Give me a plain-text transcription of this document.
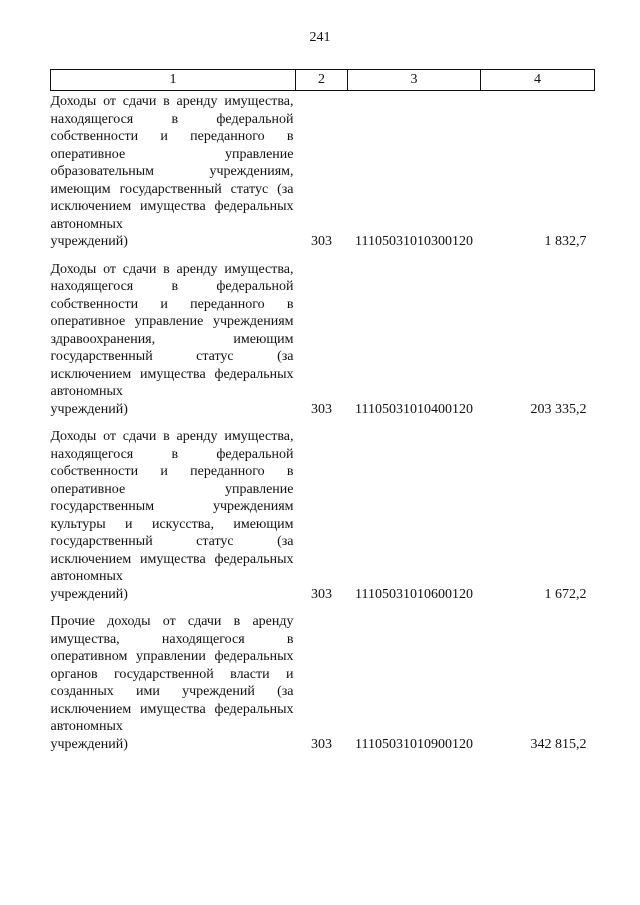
241
1	2	3	4
Доходы от сдачи в аренду имущества, находящегося в федеральной собственности и переданного в оперативное управление образовательным учреждениям, имеющим государственный статус (за исключением имущества федеральных автономных
учреждений)	303	11105031010300120	1 832,7
Доходы от сдачи в аренду имущества, находящегося в федеральной собственности и переданного в оперативное управление учреждениям здравоохранения, имеющим государственный статус (за исключением имущества федеральных автономных
учреждений)	303	11105031010400120	203 335,2
Доходы от сдачи в аренду имущества, находящегося в федеральной собственности и переданного в оперативное управление государственным учреждениям культуры и искусства, имеющим государственный статус (за исключением имущества федеральных автономных
учреждений)	303	11105031010600120	1 672,2
Прочие доходы от сдачи в аренду имущества, находящегося в оперативном управлении федеральных органов государственной власти и созданных ими учреждений (за исключением имущества федеральных автономных
учреждений)	303	11105031010900120	342 815,2
